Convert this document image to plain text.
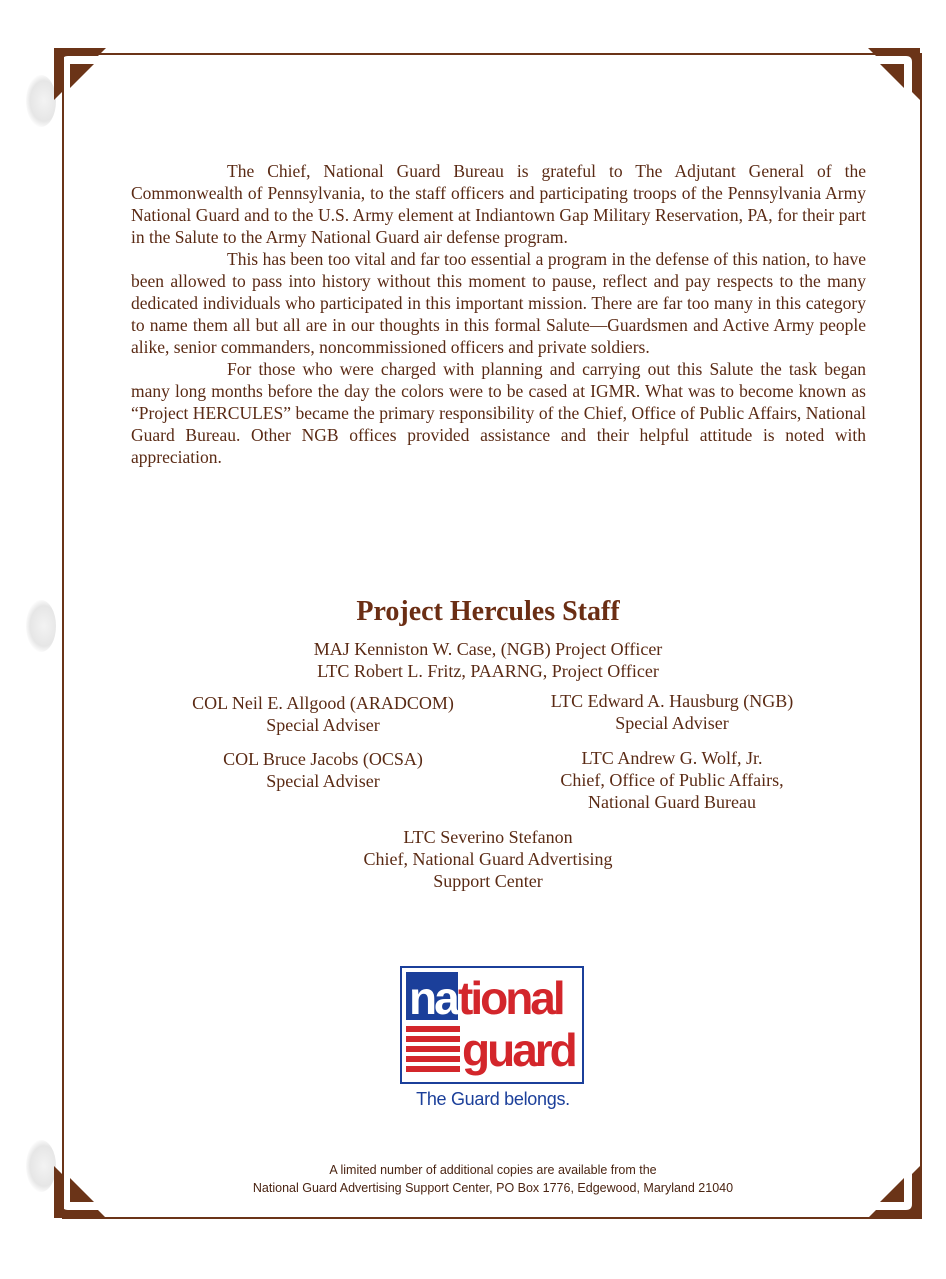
The Chief, National Guard Bureau is grateful to The Adjutant General of the Commonwealth of Pennsylvania, to the staff officers and participating troops of the Pennsylvania Army National Guard and to the U.S. Army element at Indiantown Gap Military Reservation, PA, for their part in the Salute to the Army National Guard air defense program.

This has been too vital and far too essential a program in the defense of this nation, to have been allowed to pass into history without this moment to pause, reflect and pay respects to the many dedicated individuals who participated in this important mission. There are far too many in this category to name them all but all are in our thoughts in this formal Salute—Guardsmen and Active Army people alike, senior commanders, noncommissioned officers and private soldiers.

For those who were charged with planning and carrying out this Salute the task began many long months before the day the colors were to be cased at IGMR. What was to become known as “Project HERCULES” became the primary responsibility of the Chief, Office of Public Affairs, National Guard Bureau. Other NGB offices provided assistance and their helpful attitude is noted with appreciation.

Project Hercules Staff
MAJ Kenniston W. Case, (NGB) Project Officer
LTC Robert L. Fritz, PAARNG, Project Officer
COL Neil E. Allgood (ARADCOM)
Special Adviser
LTC Edward A. Hausburg (NGB)
Special Adviser
COL Bruce Jacobs (OCSA)
Special Adviser
LTC Andrew G. Wolf, Jr.
Chief, Office of Public Affairs,
National Guard Bureau
LTC Severino Stefanon
Chief, National Guard Advertising
Support Center
na tional
guard
The Guard belongs.
A limited number of additional copies are available from the
National Guard Advertising Support Center, PO Box 1776, Edgewood, Maryland 21040
